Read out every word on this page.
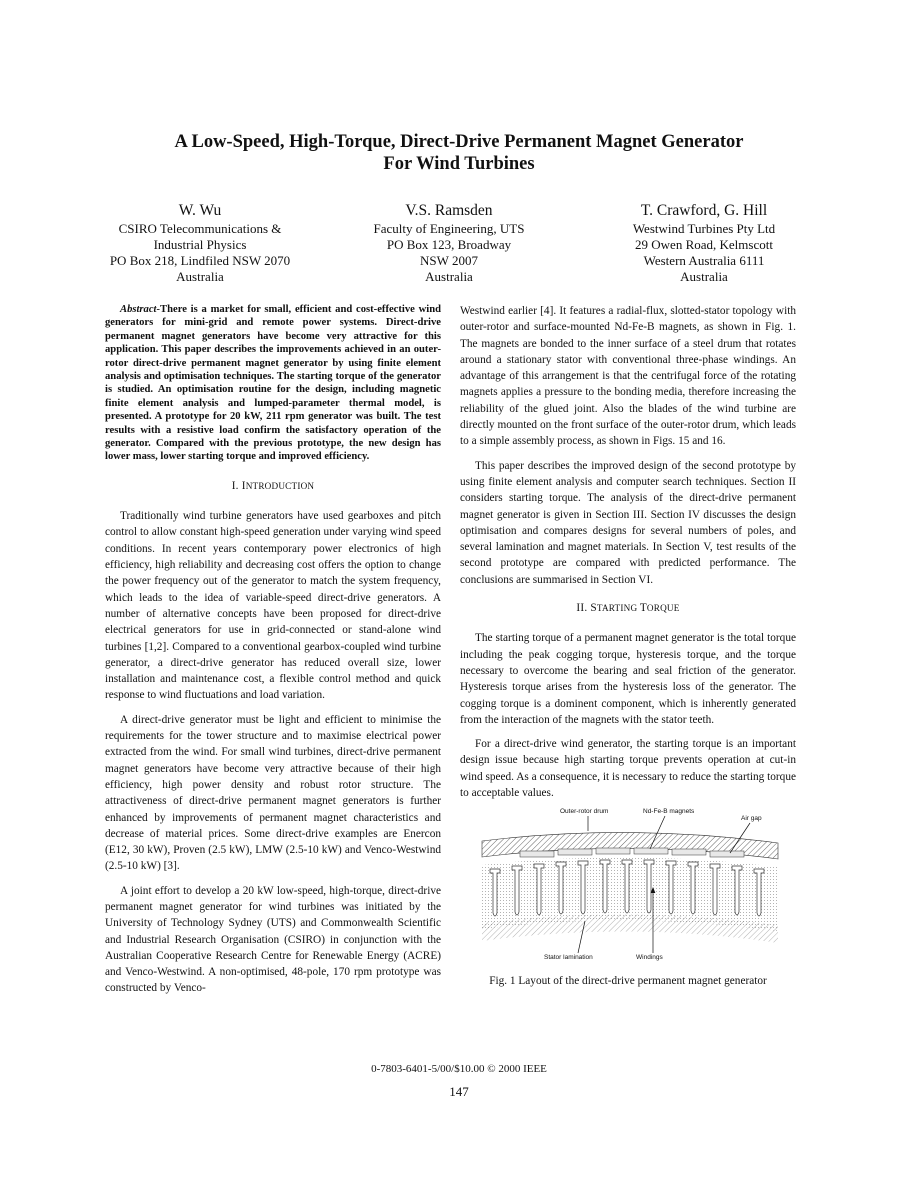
A Low-Speed, High-Torque, Direct-Drive Permanent Magnet Generator
For Wind Turbines
W. Wu
CSIRO Telecommunications &
Industrial Physics
PO Box 218, Lindfiled NSW 2070
Australia
V.S. Ramsden
Faculty of Engineering, UTS
PO Box 123, Broadway
NSW 2007
Australia
T. Crawford, G. Hill
Westwind Turbines Pty Ltd
29 Owen Road, Kelmscott
Western Australia 6111
Australia

Abstract-There is a market for small, efficient and cost-effective wind generators for mini-grid and remote power systems. Direct-drive permanent magnet generators have become very attractive for this application. This paper describes the improvements achieved in an outer-rotor direct-drive permanent magnet generator by using finite element analysis and optimisation techniques. The starting torque of the generator is studied. An optimisation routine for the design, including magnetic finite element analysis and lumped-parameter thermal model, is presented. A prototype for 20 kW, 211 rpm generator was built. The test results with a resistive load confirm the satisfactory operation of the generator. Compared with the previous prototype, the new design has lower mass, lower starting torque and improved efficiency.

I. INTRODUCTION

Traditionally wind turbine generators have used gearboxes and pitch control to allow constant high-speed generation under varying wind speed conditions. In recent years contemporary power electronics of high efficiency, high reliability and decreasing cost offers the option to change the power frequency out of the generator to match the system frequency, which leads to the idea of variable-speed direct-drive generators. A number of alternative concepts have been proposed for direct-drive electrical generators for use in grid-connected or stand-alone wind turbines [1,2]. Compared to a conventional gearbox-coupled wind turbine generator, a direct-drive generator has reduced overall size, lower installation and maintenance cost, a flexible control method and quick response to wind fluctuations and load variation.

A direct-drive generator must be light and efficient to minimise the requirements for the tower structure and to maximise electrical power extracted from the wind. For small wind turbines, direct-drive permanent magnet generators have become very attractive because of their high efficiency, high power density and robust rotor structure. The attractiveness of direct-drive permanent magnet generators is further enhanced by improvements of permanent magnet characteristics and decrease of material prices. Some direct-drive examples are Enercon (E12, 30 kW), Proven (2.5 kW), LMW (2.5-10 kW) and Venco-Westwind (2.5-10 kW) [3].

A joint effort to develop a 20 kW low-speed, high-torque, direct-drive permanent magnet generator for wind turbines was initiated by the University of Technology Sydney (UTS) and Commonwealth Scientific and Industrial Research Organisation (CSIRO) in conjunction with the Australian Cooperative Research Centre for Renewable Energy (ACRE) and Venco-Westwind. A non-optimised, 48-pole, 170 rpm prototype was constructed by Venco-

Westwind earlier [4]. It features a radial-flux, slotted-stator topology with outer-rotor and surface-mounted Nd-Fe-B magnets, as shown in Fig. 1. The magnets are bonded to the inner surface of a steel drum that rotates around a stationary stator with conventional three-phase windings. An advantage of this arrangement is that the centrifugal force of the rotating magnets applies a pressure to the bonding media, therefore increasing the reliability of the glued joint. Also the blades of the wind turbine are directly mounted on the front surface of the outer-rotor drum, which leads to a simple assembly process, as shown in Figs. 15 and 16.

This paper describes the improved design of the second prototype by using finite element analysis and computer search techniques. Section II considers starting torque. The analysis of the direct-drive permanent magnet generator is given in Section III. Section IV discusses the design optimisation and compares designs for several numbers of poles, and several lamination and magnet materials. In Section V, test results of the second prototype are compared with predicted performance. The conclusions are summarised in Section VI.

II. STARTING TORQUE

The starting torque of a permanent magnet generator is the total torque including the peak cogging torque, hysteresis torque, and the torque necessary to overcome the bearing and seal friction of the generator. Hysteresis torque arises from the hysteresis loss of the generator. The cogging torque is a dominent component, which is inherently generated from the interaction of the magnets with the stator teeth.

For a direct-drive wind generator, the starting torque is an important design issue because high starting torque prevents operation at cut-in wind speed. As a consequence, it is necessary to reduce the starting torque to acceptable values.

Outer-rotor drum	Nd-Fe-B magnets
Air gap
Stator lamination	Windings
Fig. 1 Layout of the direct-drive permanent magnet generator
0-7803-6401-5/00/$10.00 © 2000 IEEE
147
